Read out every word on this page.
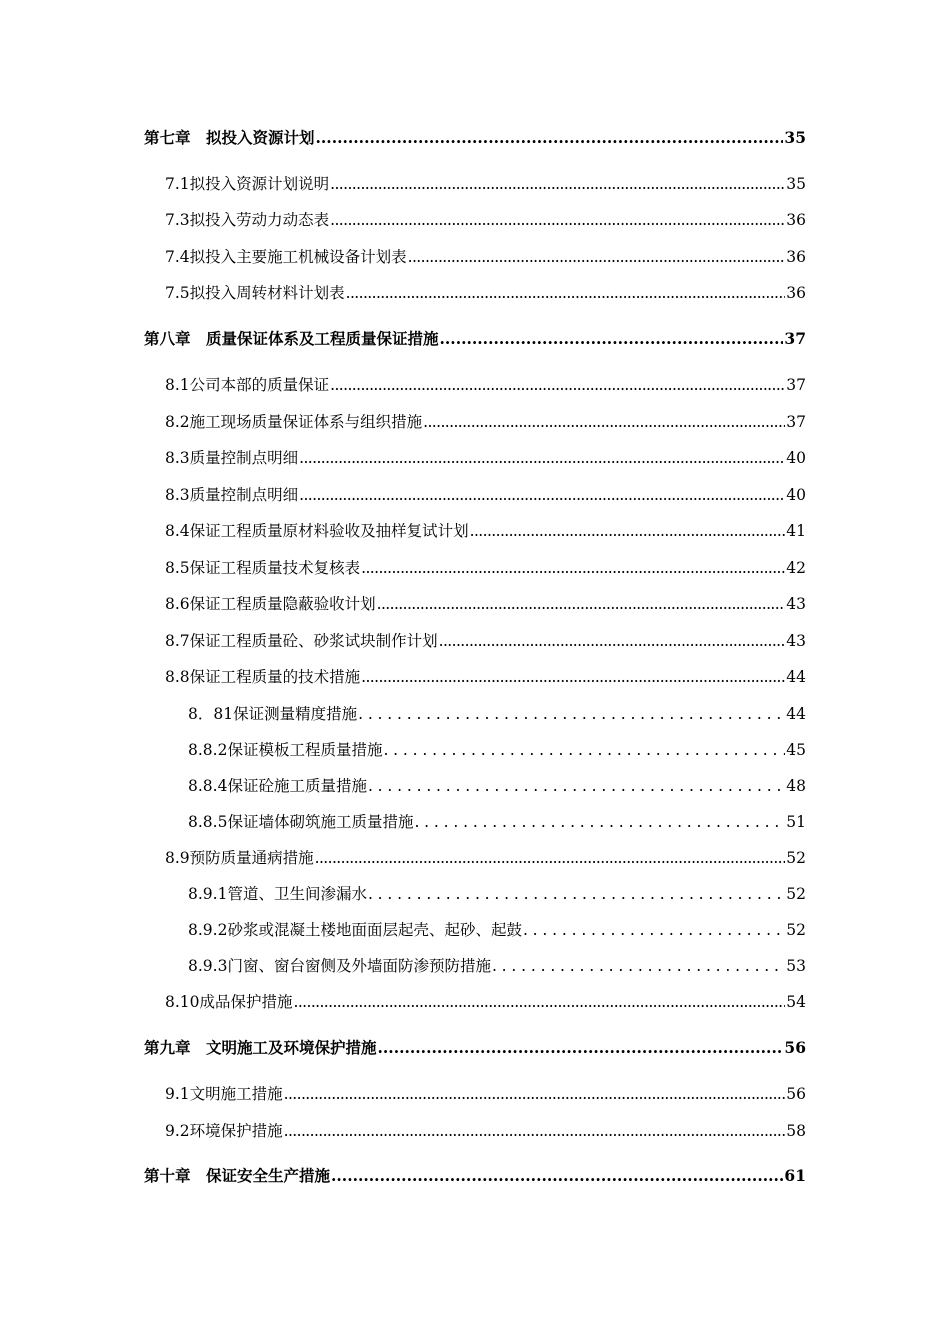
第七章　拟投入资源计划 .....	35
7.1拟投入资源计划说明 .....	35
7.3拟投入劳动力动态表 .....	36
7.4拟投入主要施工机械设备计划表 .....	36
7.5拟投入周转材料计划表 .....	36
第八章　质量保证体系及工程质量保证措施 .....	37
8.1公司本部的质量保证 .....	37
8.2施工现场质量保证体系与组织措施 .....	37
8.3质量控制点明细 .....	40
8.3质量控制点明细 .....	40
8.4保证工程质量原材料验收及抽样复试计划 .....	41
8.5保证工程质量技术复核表 .....	42
8.6保证工程质量隐蔽验收计划 .....	43
8.7保证工程质量砼、砂浆试块制作计划 .....	43
8.8保证工程质量的技术措施 .....	44
8．81保证测量精度措施 .....	44
8.8.2保证模板工程质量措施 .....	45
8.8.4保证砼施工质量措施 .....	48
8.8.5保证墙体砌筑施工质量措施 .....	51
8.9预防质量通病措施 .....	52
8.9.1管道、卫生间渗漏水 .....	52
8.9.2砂浆或混凝土楼地面面层起壳、起砂、起鼓 .....	52
8.9.3门窗、窗台窗侧及外墙面防渗预防措施 .....	53
8.10成品保护措施 .....	54
第九章　文明施工及环境保护措施 .....	56
9.1文明施工措施 .....	56
9.2环境保护措施 .....	58
第十章　保证安全生产措施 .....	61
